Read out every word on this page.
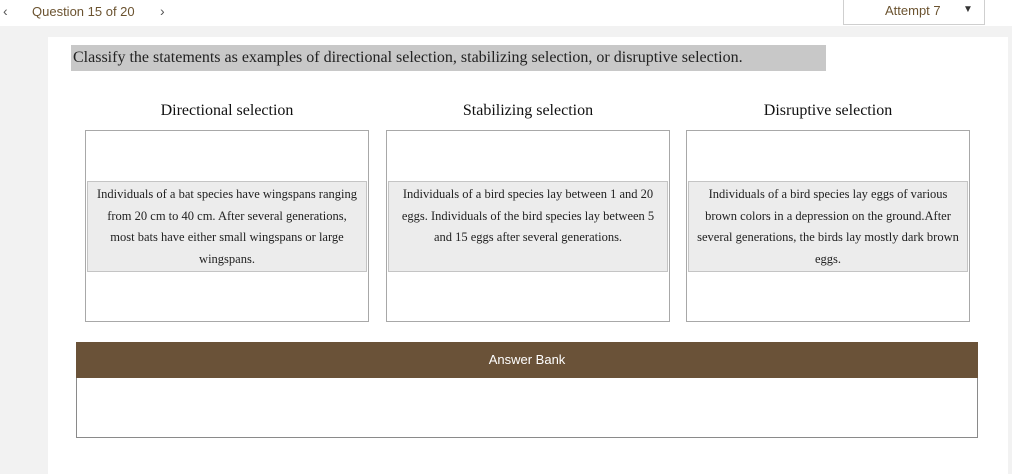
‹ Question 15 of 20 ›	Attempt 7 ▼
Classify the statements as examples of directional selection, stabilizing selection, or disruptive selection.
Directional selection	Stabilizing selection	Disruptive selection
Individuals of a bat species have wingspans ranging from 20 cm to 40 cm. After several generations, most bats have either small wingspans or large wingspans.
Individuals of a bird species lay between 1 and 20 eggs. Individuals of the bird species lay between 5 and 15 eggs after several generations.
Individuals of a bird species lay eggs of various brown colors in a depression on the ground.After several generations, the birds lay mostly dark brown eggs.
Answer Bank
